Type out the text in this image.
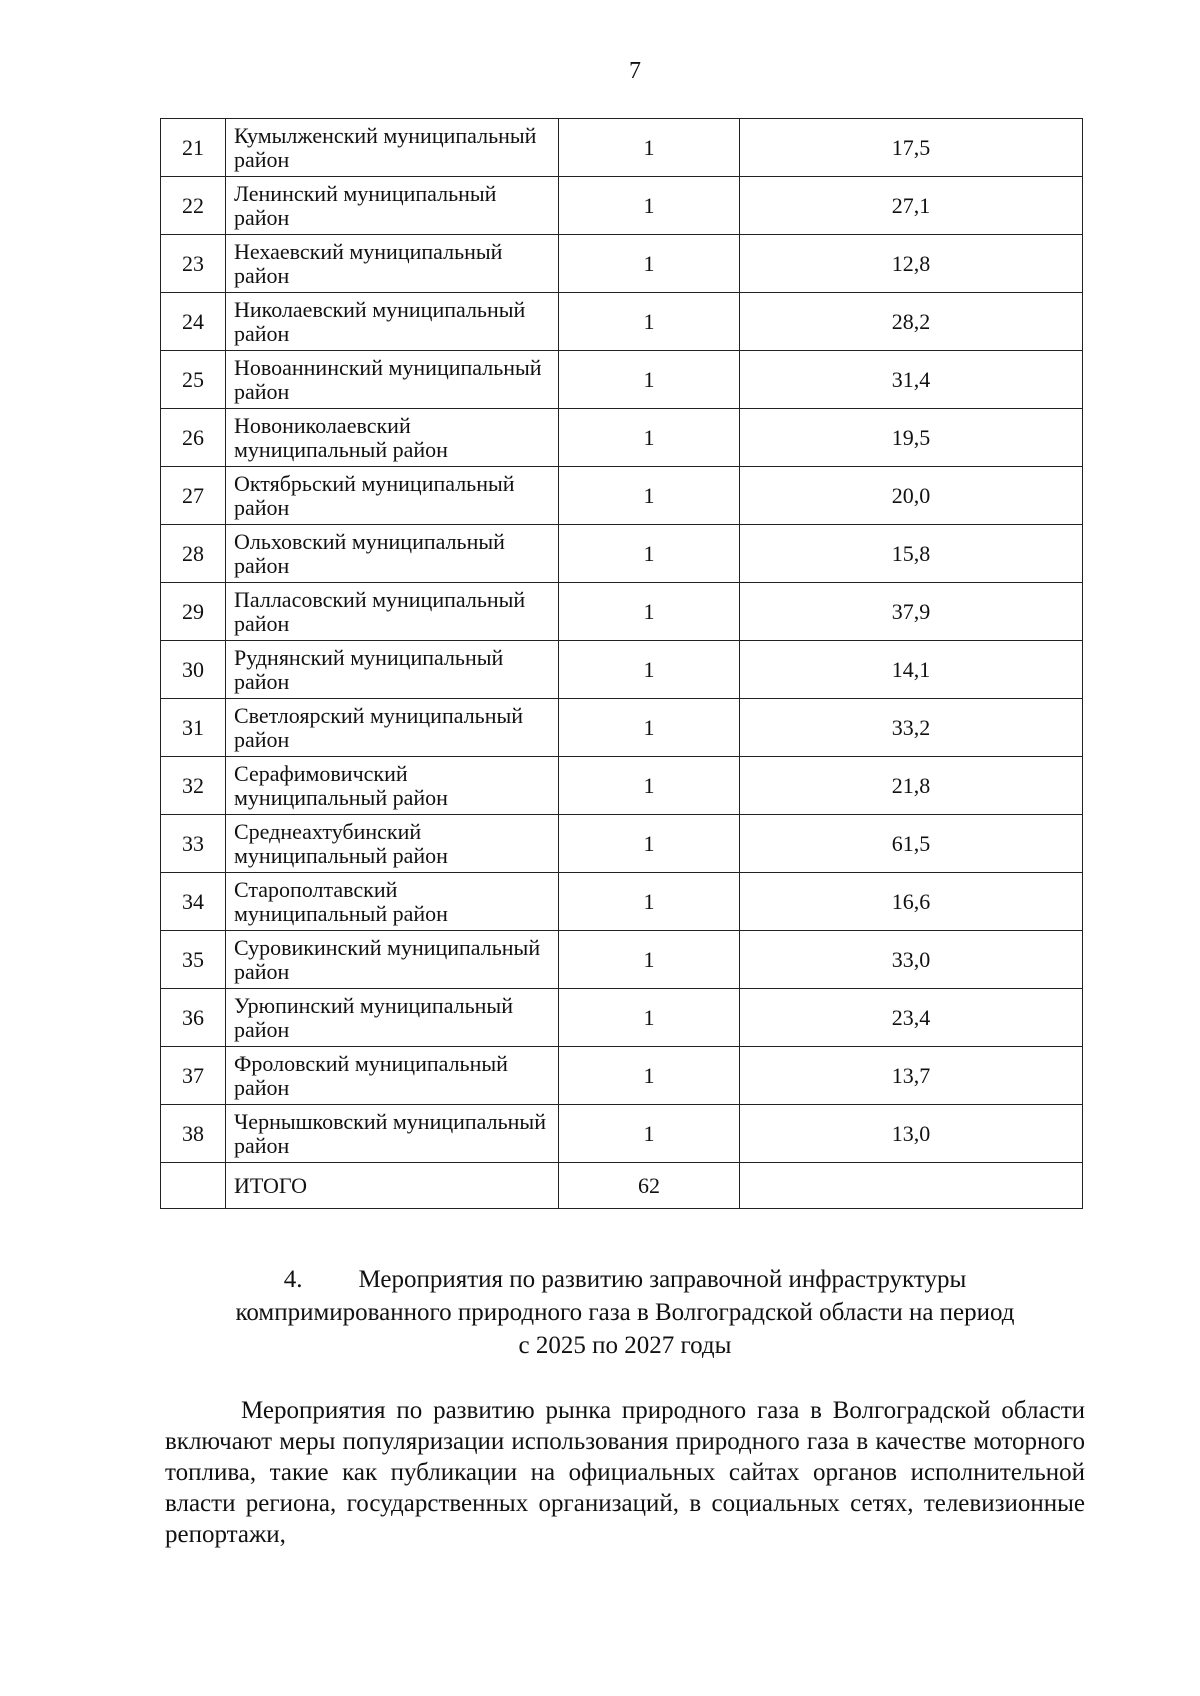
7
21	Кумылженский муниципальный район	1	17,5
22	Ленинский муниципальный район	1	27,1
23	Нехаевский муниципальный район	1	12,8
24	Николаевский муниципальный район	1	28,2
25	Новоаннинский муниципальный район	1	31,4
26	Новониколаевский муниципальный район	1	19,5
27	Октябрьский муниципальный район	1	20,0
28	Ольховский муниципальный район	1	15,8
29	Палласовский муниципальный район	1	37,9
30	Руднянский муниципальный район	1	14,1
31	Светлоярский муниципальный район	1	33,2
32	Серафимовичский муниципальный район	1	21,8
33	Среднеахтубинский муниципальный район	1	61,5
34	Старополтавский муниципальный район	1	16,6
35	Суровикинский муниципальный район	1	33,0
36	Урюпинский муниципальный район	1	23,4
37	Фроловский муниципальный район	1	13,7
38	Чернышковский муниципальный район	1	13,0
	ИТОГО	62	
4. Мероприятия по развитию заправочной инфраструктуры
компримированного природного газа в Волгоградской области на период
с 2025 по 2027 годы

Мероприятия по развитию рынка природного газа в Волгоградской области включают меры популяризации использования природного газа в качестве моторного топлива, такие как публикации на официальных сайтах органов исполнительной власти региона, государственных организаций, в социальных сетях, телевизионные репортажи,
